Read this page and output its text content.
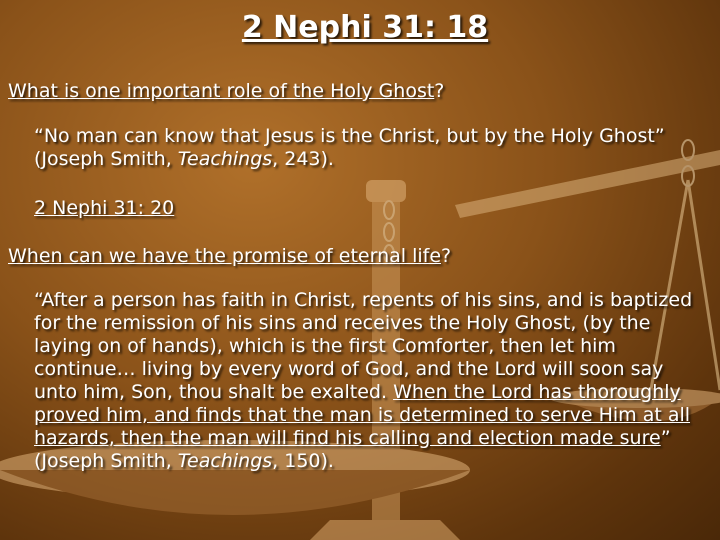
2 Nephi 31: 18
What is one important role of the Holy Ghost?
“No man can know that Jesus is the Christ, but by the Holy Ghost” (Joseph Smith, Teachings, 243).
2 Nephi 31: 20
When can we have the promise of eternal life?
“After a person has faith in Christ, repents of his sins, and is baptized for the remission of his sins and receives the Holy Ghost, (by the laying on of hands), which is the first Comforter, then let him continue… living by every word of God, and the Lord will soon say unto him, Son, thou shalt be exalted. When the Lord has thoroughly proved him, and finds that the man is determined to serve Him at all hazards, then the man will find his calling and election made sure” (Joseph Smith, Teachings, 150).
